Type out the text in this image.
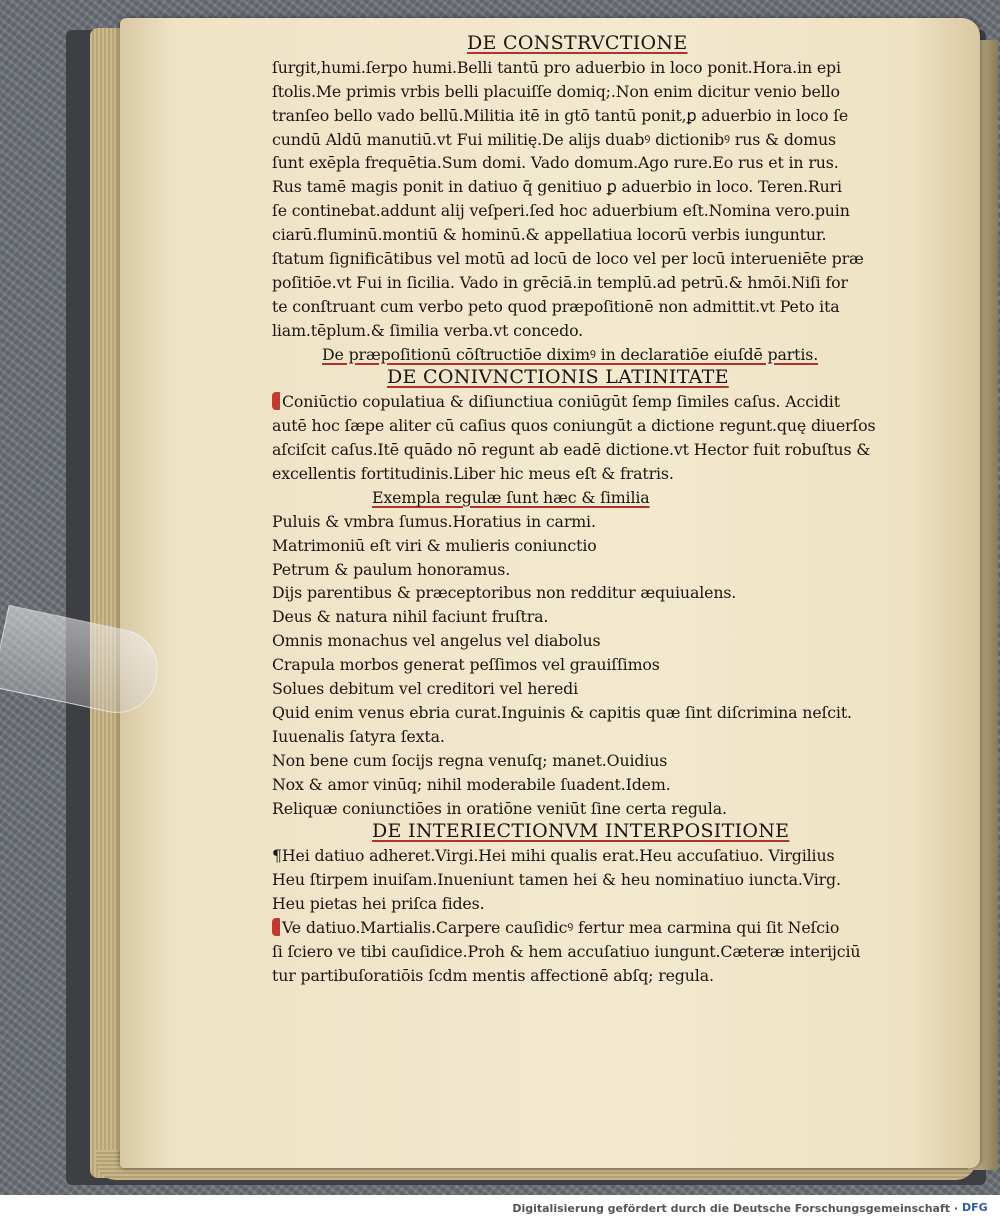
DE CONSTRVCTIONE
ſurgit,humi.ſerpo humi.Belli tantū pro aduerbio in loco ponit.Hora.in epi
ſtolis.Me primis vrbis belli placuiſſe domiq;.Non enim dicitur venio bello
tranſeo bello vado bellū.Militia itē in gtō tantū ponit,ꝑ aduerbio in loco ſe
cundū Aldū manutiū.vt Fui militię.De alijs duabꝰ dictionibꝰ rus & domus
ſunt exēpla frequētia.Sum domi. Vado domum.Ago rure.Eo rus et in rus.
Rus tamē magis ponit in datiuo q̄ genitiuo ꝑ aduerbio in loco. Teren.Ruri
ſe continebat.addunt alij veſperi.ſed hoc aduerbium eſt.Nomina vero.puin
ciarū.fluminū.montiū & hominū.& appellatiua locorū verbis iunguntur.
ſtatum ſignificātibus vel motū ad locū de loco vel per locū interueniēte præ
poſitiōe.vt Fui in ſicilia. Vado in grēciā.in templū.ad petrū.& hmōi.Niſi for
te conſtruant cum verbo peto quod præpoſitionē non admittit.vt Peto ita
liam.tēplum.& ſimilia verba.vt concedo.
De præpoſitionū cōſtructiōe diximꝰ in declaratiōe eiuſdē partis.
DE CONIVNCTIONIS LATINITATE
Coniūctio copulatiua & diſiunctiua coniūgūt ſemp ſimiles caſus. Accidit
autē hoc ſæpe aliter cū caſius quos coniungūt a dictione regunt.quę diuerſos
aſciſcit caſus.Itē quādo nō regunt ab eadē dictione.vt Hector fuit robuſtus &
excellentis fortitudinis.Liber hic meus eſt & fratris.
Exempla regulæ ſunt hæc & ſimilia
Puluis & vmbra ſumus.Horatius in carmi.
Matrimoniū eſt viri & mulieris coniunctio
Petrum & paulum honoramus.
Dijs parentibus & præceptoribus non redditur æquiualens.
Deus & natura nihil faciunt fruſtra.
Omnis monachus vel angelus vel diabolus
Crapula morbos generat peſſimos vel grauiſſimos
Solues debitum vel creditori vel heredi
Quid enim venus ebria curat.Inguinis & capitis quæ ſint diſcrimina neſcit.
Iuuenalis ſatyra ſexta.
Non bene cum ſocijs regna venuſq; manet.Ouidius
Nox & amor vinūq; nihil moderabile ſuadent.Idem.
Reliquæ coniunctiōes in oratiōne veniūt ſine certa regula.
DE INTERIECTIONVM INTERPOSITIONE
¶Hei datiuo adheret.Virgi.Hei mihi qualis erat.Heu accuſatiuo. Virgilius
Heu ſtirpem inuiſam.Inueniunt tamen hei & heu nominatiuo iuncta.Virg.
Heu pietas hei priſca fides.
Ve datiuo.Martialis.Carpere cauſidicꝰ fertur mea carmina qui ſit Neſcio
ſi ſciero ve tibi cauſidice.Proh & hem accuſatiuo iungunt.Cæteræ interijciū
tur partibuſoratiōis ſcdm mentis affectionē abſq; regula.
Digitalisierung gefördert durch die Deutsche Forschungsgemeinschaft · DFG
